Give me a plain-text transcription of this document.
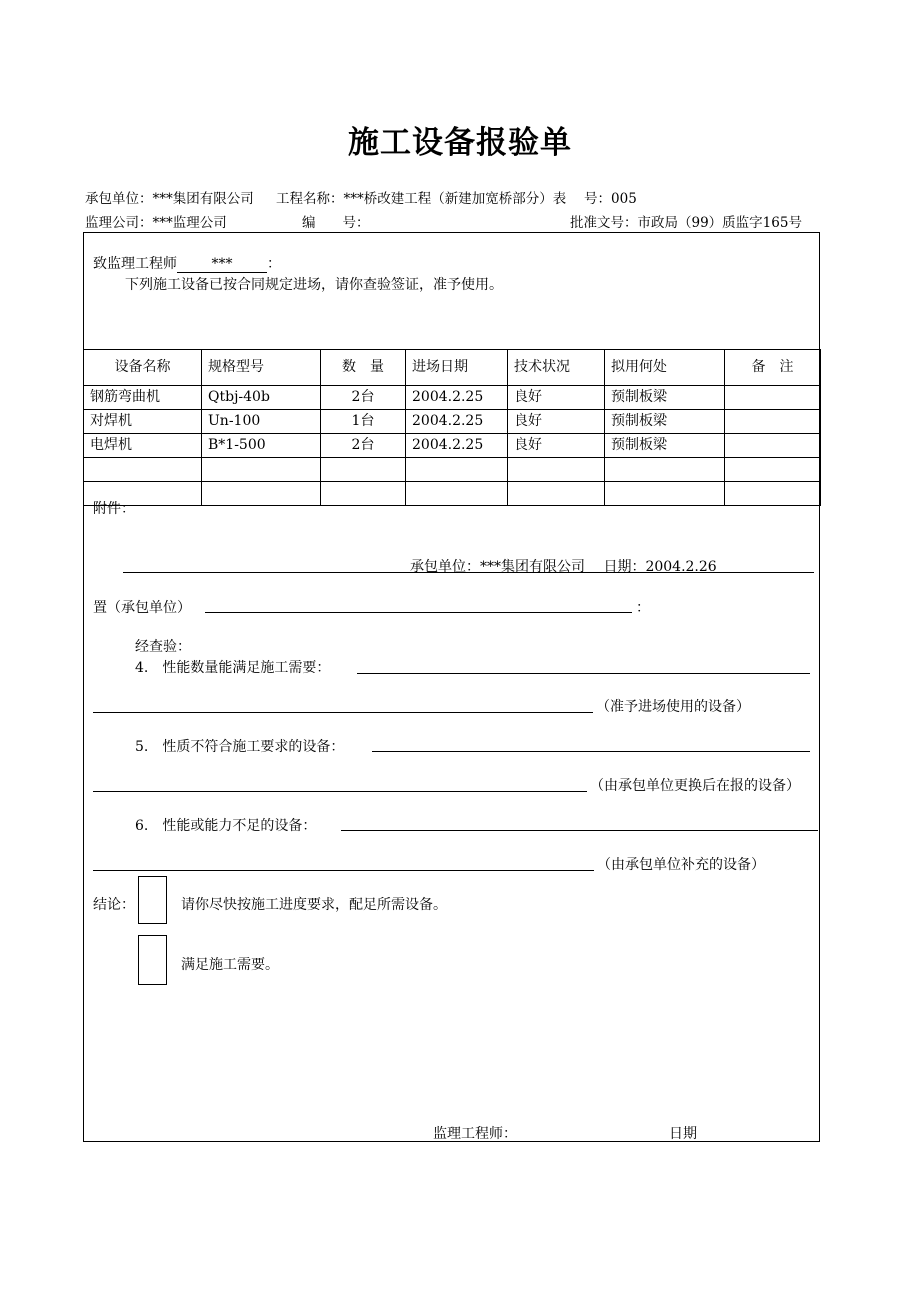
施工设备报验单
承包单位：***集团有限公司 工程名称：***桥改建工程（新建加宽桥部分）表　 号：005
监理公司：***监理公司	编　　号：	批准文号：市政局（99）质监字165号
致监理工程师 *** ：
下列施工设备已按合同规定进场，请你查验签证，准予使用。
设备名称	规格型号	数　量	进场日期	技术状况	拟用何处	备　注
钢筋弯曲机	Qtbj-40b	2台	2004.2.25	良好	预制板梁	
对焊机	Un-100	1台	2004.2.25	良好	预制板梁	
电焊机	B*1-500	2台	2004.2.25	良好	预制板梁	

附件：
承包单位：***集团有限公司　 日期：2004.2.26
置（承包单位）	：
经查验：
4.　性能数量能满足施工需要：
（准予进场使用的设备）
5.　性质不符合施工要求的设备：
（由承包单位更换后在报的设备）
6.　性能或能力不足的设备：
（由承包单位补充的设备）
结论：	请你尽快按施工进度要求，配足所需设备。
满足施工需要。
监理工程师：	日期
